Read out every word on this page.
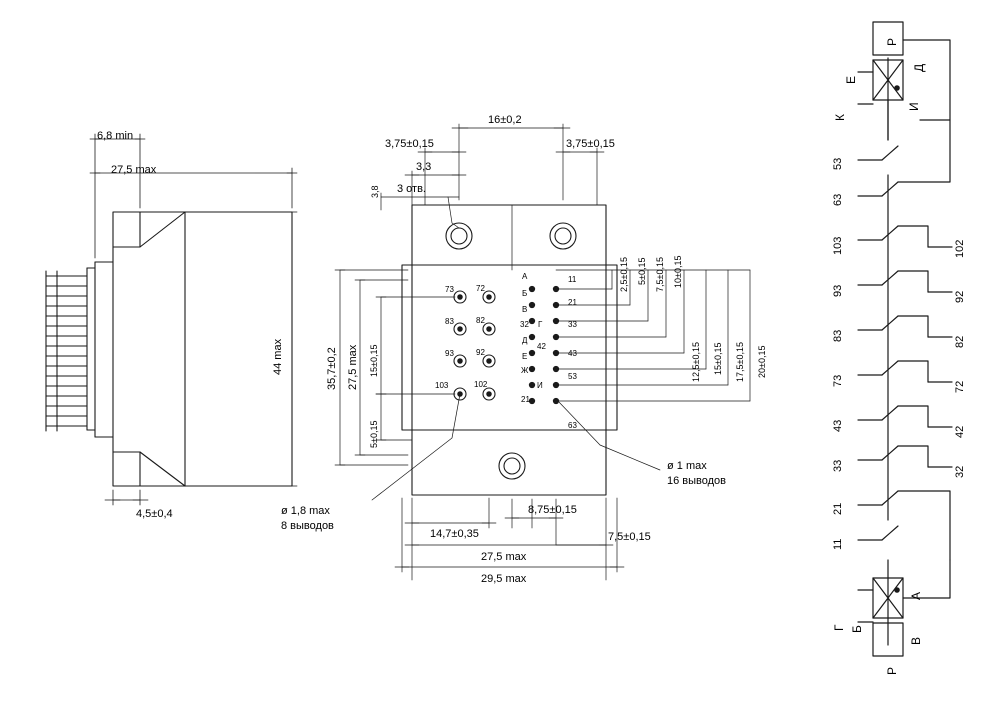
6,8 min
27,5 max
44 max
4,5±0,4
16±0,2
3,75±0,15	3,75±0,15
3,3
3,8 3 отв.
35,7±0,2 27,5 max 15±0,15
5±0,15
2,5±0,15 5±0,15 7,5±0,15 10±0,15
12,5±0,15 15±0,15 17,5±0,15 20±0,15
14,7±0,35
8,75±0,15
7,5±0,15
27,5 max
29,5 max
ø 1,8 max
8 выводов
ø 1 max
16 выводов
73	72
83	82
93	92
103	102
А	11
Б
21
В
32 Г	33
Д
42
43
Е
Ж
53
И
21
63
Р
Д
Е
И
К
А
Б
Г
В
Р
53
63
103	102
93	92
83	82
73	72
43	42
33	32
21
11
